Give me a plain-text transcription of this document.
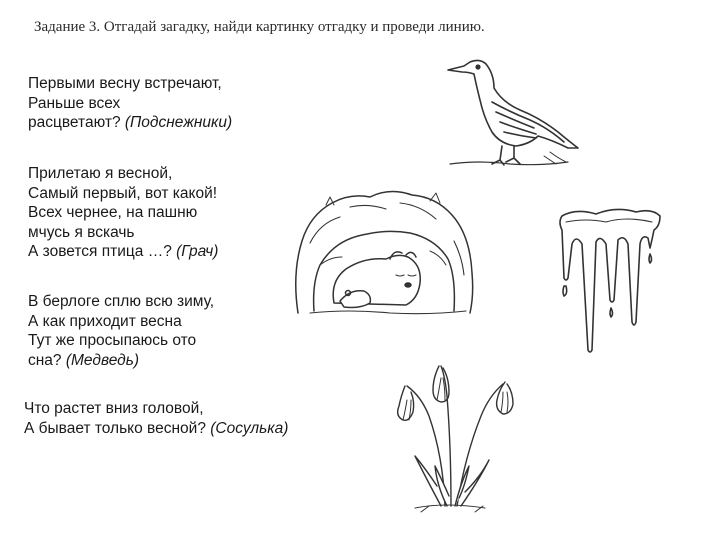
Задание 3. Отгадай загадку, найди картинку отгадку и проведи линию.
Первыми весну встречают,
Раньше всех
расцветают? (Подснежники)
Прилетаю я весной,
Самый первый, вот какой!
Всех чернее, на пашню
мчусь я вскачь
А зовется птица …? (Грач)
В берлоге сплю всю зиму,
А как приходит весна
Тут же просыпаюсь ото
сна? (Медведь)
Что растет вниз головой,
А бывает только весной? (Сосулька)
